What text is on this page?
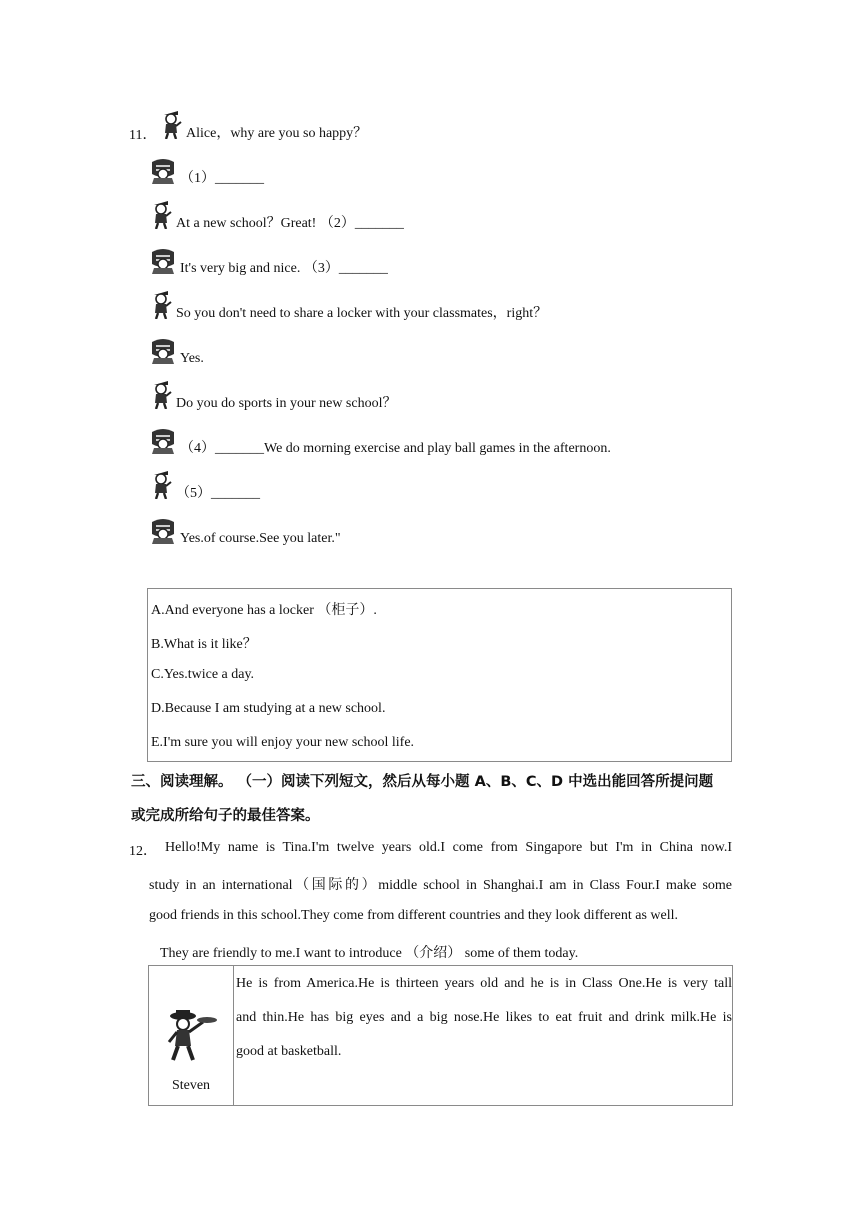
11． Alice，why are you so happy？
（1）_______
At a new school？Great! （2）_______
It's very big and nice. （3）_______
So you don't need to share a locker with your classmates，right？
Yes.
Do you do sports in your new school？
（4）_______We do morning exercise and play ball games in the afternoon.
（5）_______
Yes.of course.See you later."
A.And everyone has a locker （柜子）.
B.What is it like？
C.Yes.twice a day.
D.Because I am studying at a new school.
E.I'm sure you will enjoy your new school life.
三、阅读理解。 （一）阅读下列短文，然后从每小题 A、B、C、D 中选出能回答所提问题
或完成所给句子的最佳答案。
12． Hello!My name is Tina.I'm twelve years old.I come from Singapore but I'm in China now.I
study in an international（国际的）middle school in Shanghai.I am in Class Four.I make some
good friends in this school.They come from different countries and they look different as well.
They are friendly to me.I want to introduce （介绍） some of them today.
Steven

He is from America.He is thirteen years old and he is in Class One.He is very tall
and thin.He has big eyes and a big nose.He likes to eat fruit and drink milk.He is
good at basketball.
